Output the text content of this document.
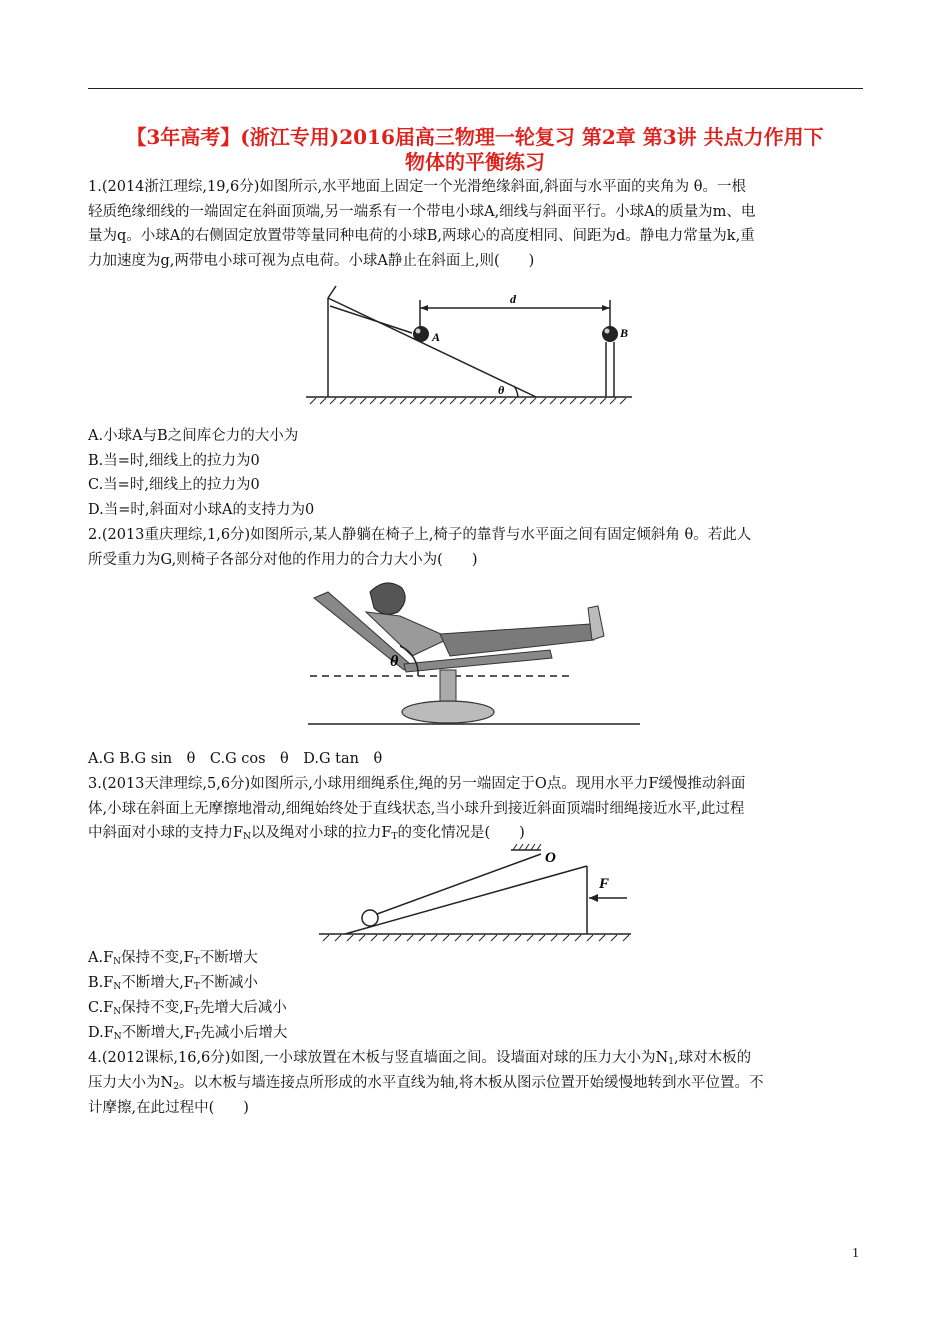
【3年高考】(浙江专用)2016届高三物理一轮复习 第2章 第3讲 共点力作用下
物体的平衡练习
1.(2014浙江理综,19,6分)如图所示,水平地面上固定一个光滑绝缘斜面,斜面与水平面的夹角为 θ。一根
轻质绝缘细线的一端固定在斜面顶端,另一端系有一个带电小球A,细线与斜面平行。小球A的质量为m、电
量为q。小球A的右侧固定放置带等量同种电荷的小球B,两球心的高度相同、间距为d。静电力常量为k,重
力加速度为g,两带电小球可视为点电荷。小球A静止在斜面上,则(　　)
d
A	B
θ
A.小球A与B之间库仑力的大小为
B.当=时,细线上的拉力为0
C.当=时,细线上的拉力为0
D.当=时,斜面对小球A的支持力为0
2.(2013重庆理综,1,6分)如图所示,某人静躺在椅子上,椅子的靠背与水平面之间有固定倾斜角 θ。若此人
所受重力为G,则椅子各部分对他的作用力的合力大小为(　　)
θ
A.G B.G sin　θ　C.G cos　θ　D.G tan　θ
3.(2013天津理综,5,6分)如图所示,小球用细绳系住,绳的另一端固定于O点。现用水平力F缓慢推动斜面
体,小球在斜面上无摩擦地滑动,细绳始终处于直线状态,当小球升到接近斜面顶端时细绳接近水平,此过程
中斜面对小球的支持力$F_N$以及绳对小球的拉力$F_T$的变化情况是(　　)
O
F
$A.F_N$保持不变$,F_T$不断增大
$B.F_N$不断增大$,F_T$不断减小
$C.F_N$保持不变$,F_T$先增大后减小
$D.F_N$不断增大$,F_T$先减小后增大
4.(2012课标,16,6分)如图,一小球放置在木板与竖直墙面之间。设墙面对球的压力大小为$N_1$,球对木板的
压力大小为$N_2$。以木板与墙连接点所形成的水平直线为轴,将木板从图示位置开始缓慢地转到水平位置。不
计摩擦,在此过程中(　　)
1
